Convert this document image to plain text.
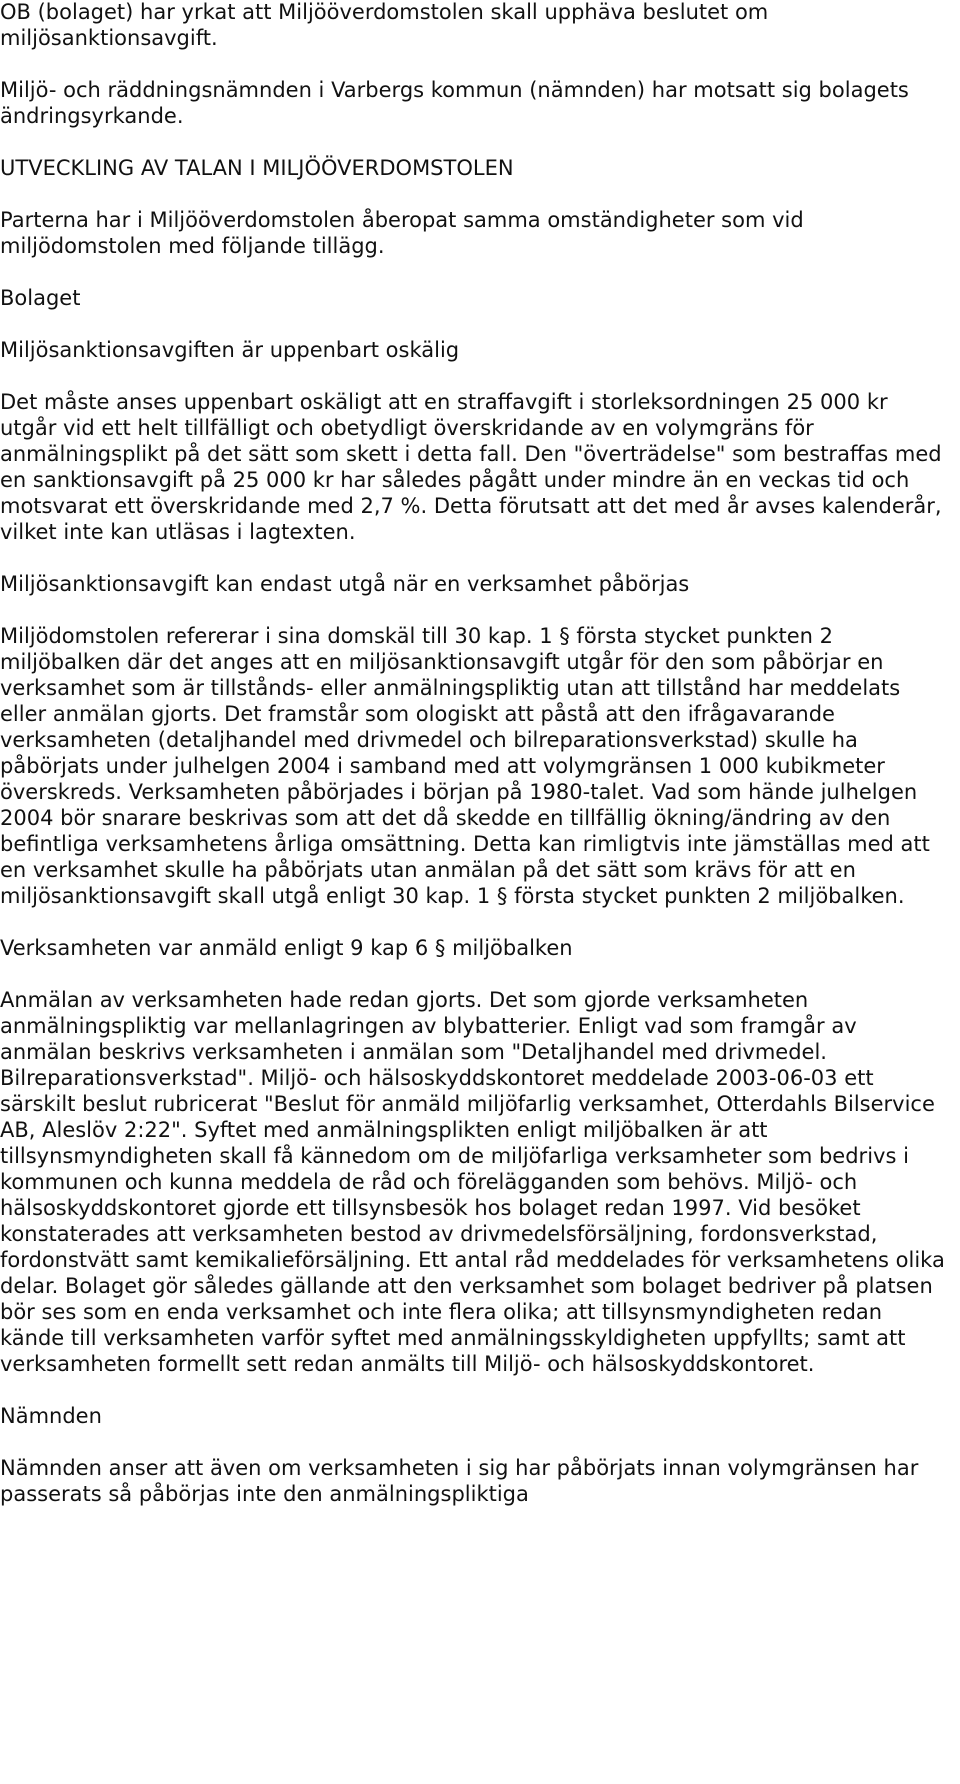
OB (bolaget) har yrkat att Miljööverdomstolen skall upphäva beslutet om miljösanktionsavgift.

Miljö- och räddningsnämnden i Varbergs kommun (nämnden) har motsatt sig bolagets ändringsyrkande.

UTVECKLING AV TALAN I MILJÖÖVERDOMSTOLEN

Parterna har i Miljööverdomstolen åberopat samma omständigheter som vid miljödomstolen med följande tillägg.

Bolaget

Miljösanktionsavgiften är uppenbart oskälig

Det måste anses uppenbart oskäligt att en straffavgift i storleksordningen 25 000 kr utgår vid ett helt tillfälligt och obetydligt överskridande av en volymgräns för anmälningsplikt på det sätt som skett i detta fall. Den "överträdelse" som bestraffas med en sanktionsavgift på 25 000 kr har således pågått under mindre än en veckas tid och motsvarat ett överskridande med 2,7 %. Detta förutsatt att det med år avses kalenderår, vilket inte kan utläsas i lagtexten.

Miljösanktionsavgift kan endast utgå när en verksamhet påbörjas

Miljödomstolen refererar i sina domskäl till 30 kap. 1 § första stycket punkten 2 miljöbalken där det anges att en miljösanktionsavgift utgår för den som påbörjar en verksamhet som är tillstånds- eller anmälningspliktig utan att tillstånd har meddelats eller anmälan gjorts. Det framstår som ologiskt att påstå att den ifrågavarande verksamheten (detaljhandel med drivmedel och bilreparationsverkstad) skulle ha påbörjats under julhelgen 2004 i samband med att volymgränsen 1 000 kubikmeter överskreds. Verksamheten påbörjades i början på 1980-talet. Vad som hände julhelgen 2004 bör snarare beskrivas som att det då skedde en tillfällig ökning/ändring av den befintliga verksamhetens årliga omsättning. Detta kan rimligtvis inte jämställas med att en verksamhet skulle ha påbörjats utan anmälan på det sätt som krävs för att en miljösanktionsavgift skall utgå enligt 30 kap. 1 § första stycket punkten 2 miljöbalken.

Verksamheten var anmäld enligt 9 kap 6 § miljöbalken

Anmälan av verksamheten hade redan gjorts. Det som gjorde verksamheten anmälningspliktig var mellanlagringen av blybatterier. Enligt vad som framgår av anmälan beskrivs verksamheten i anmälan som "Detaljhandel med drivmedel. Bilreparationsverkstad". Miljö- och hälsoskyddskontoret meddelade 2003-06-03 ett särskilt beslut rubricerat "Beslut för anmäld miljöfarlig verksamhet, Otterdahls Bilservice AB, Aleslöv 2:22". Syftet med anmälningsplikten enligt miljöbalken är att tillsynsmyndigheten skall få kännedom om de miljöfarliga verksamheter som bedrivs i kommunen och kunna meddela de råd och förelägganden som behövs. Miljö- och hälsoskyddskontoret gjorde ett tillsynsbesök hos bolaget redan 1997. Vid besöket konstaterades att verksamheten bestod av drivmedelsförsäljning, fordonsverkstad, fordonstvätt samt kemikalieförsäljning. Ett antal råd meddelades för verksamhetens olika delar. Bolaget gör således gällande att den verksamhet som bolaget bedriver på platsen bör ses som en enda verksamhet och inte flera olika; att tillsynsmyndigheten redan kände till verksamheten varför syftet med anmälningsskyldigheten uppfyllts; samt att verksamheten formellt sett redan anmälts till Miljö- och hälsoskyddskontoret.

Nämnden

Nämnden anser att även om verksamheten i sig har påbörjats innan volymgränsen har passerats så påbörjas inte den anmälningspliktiga
